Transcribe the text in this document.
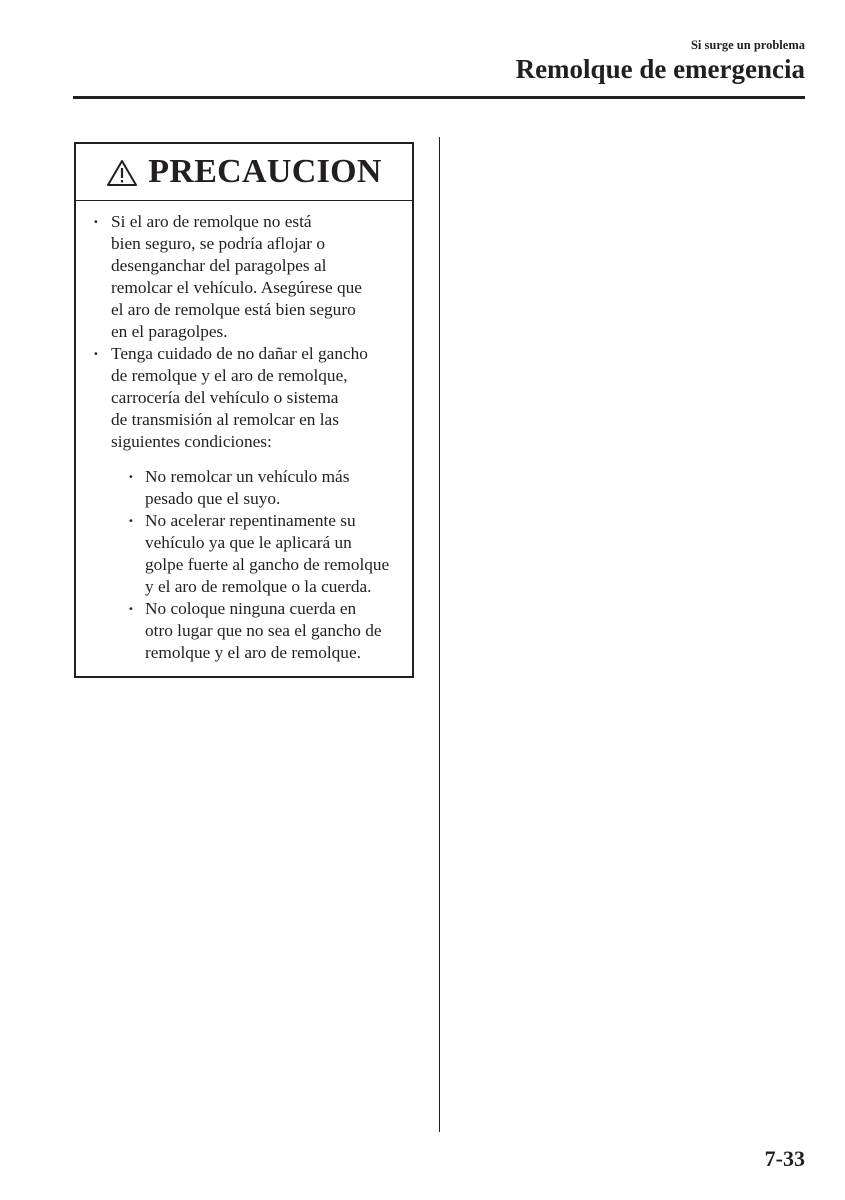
Si surge un problema
Remolque de emergencia
PRECAUCION
· Si el aro de remolque no está
bien seguro, se podría aflojar o
desenganchar del paragolpes al
remolcar el vehículo. Asegúrese que
el aro de remolque está bien seguro
en el paragolpes.
· Tenga cuidado de no dañar el gancho
de remolque y el aro de remolque,
carrocería del vehículo o sistema
de transmisión al remolcar en las
siguientes condiciones:
· No remolcar un vehículo más
pesado que el suyo.
· No acelerar repentinamente su
vehículo ya que le aplicará un
golpe fuerte al gancho de remolque
y el aro de remolque o la cuerda.
· No coloque ninguna cuerda en
otro lugar que no sea el gancho de
remolque y el aro de remolque.
7-33
